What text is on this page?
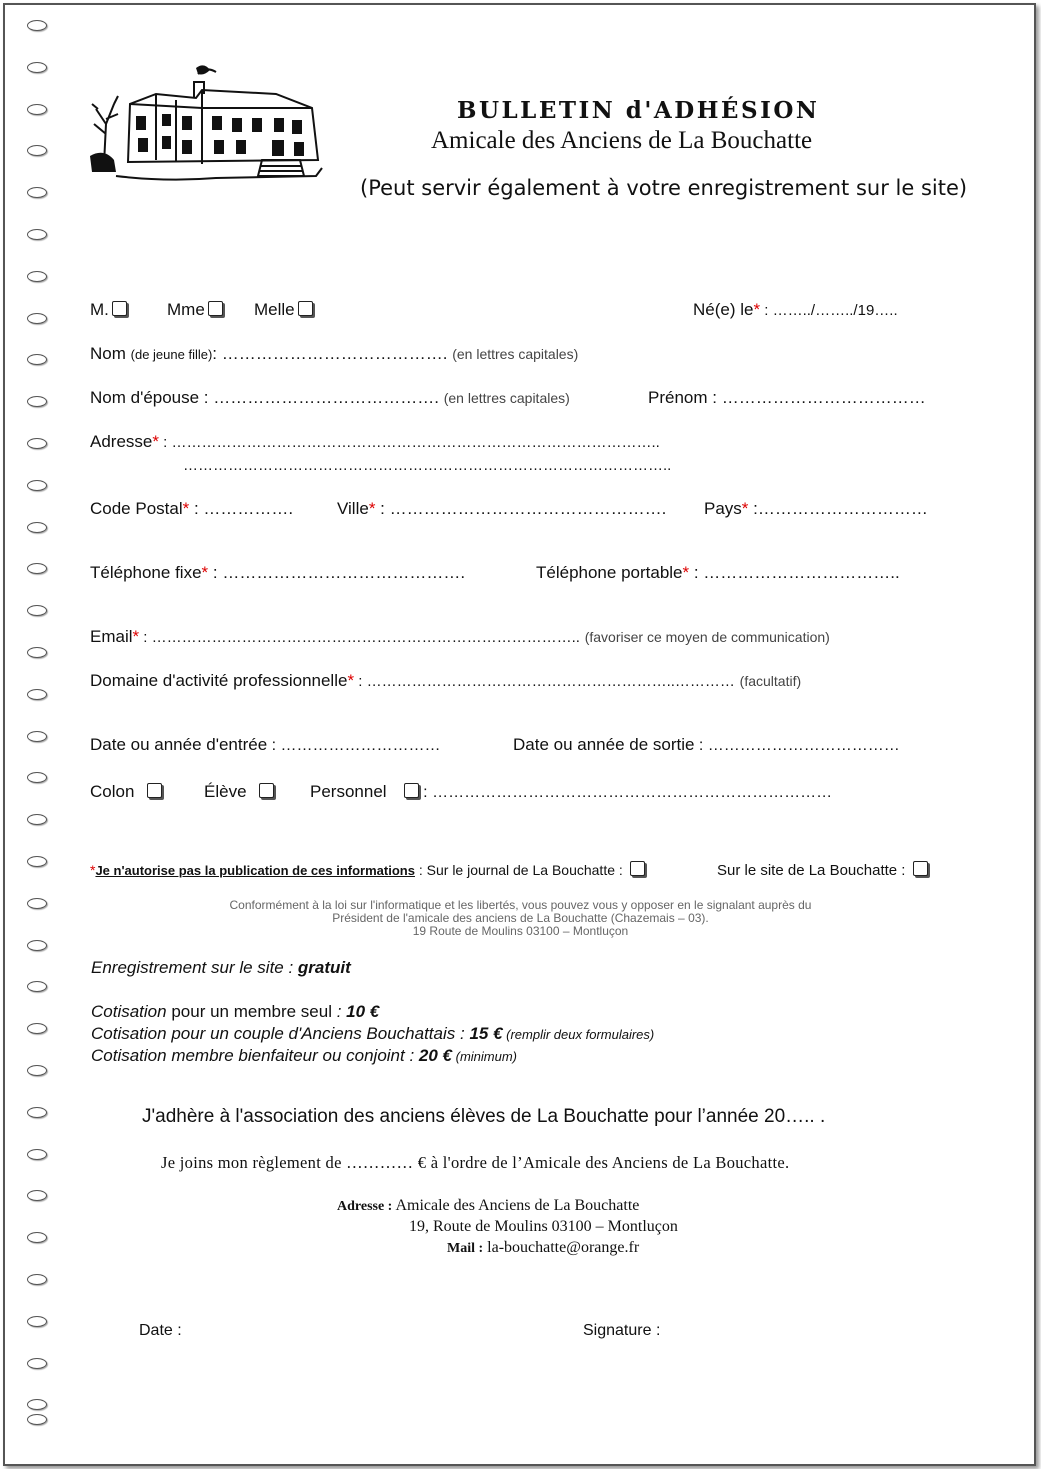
BULLETIN d'ADHÉSION
Amicale des Anciens de La Bouchatte
(Peut servir également à votre enregistrement sur le site)
M.	Mme	Melle	Né(e) le* : ……../……../19…..
Nom (de jeune fille): …………………………………. (en lettres capitales)
Nom d'épouse : …………………………………. (en lettres capitales)	Prénom : ………………………………
Adresse* : ……………………………………………………………………………………..
……………………………………………………………………………………..
Code Postal* : …………….	Ville* : …………………………………………. Pays* :…………………………
Téléphone fixe* : …………………………………….	Téléphone portable* : ……………………………..
Email* : ………………………………………………………………………….. (favoriser ce moyen de communication)
Domaine d'activité professionnelle* : ……………………………………………………..………… (facultatif)
Date ou année d'entrée : …………………………	Date ou année de sortie : ………………………………
Colon	Élève	Personnel    : …………………………………………………………………
*Je n'autorise pas la publication de ces informations : Sur le journal de La Bouchatte :	Sur le site de La Bouchatte :
Conformément à la loi sur l'informatique et les libertés, vous pouvez vous y opposer en le signalant auprès du
Président de l'amicale des anciens de La Bouchatte (Chazemais – 03).
19 Route de Moulins 03100 – Montluçon
Enregistrement sur le site : gratuit
Cotisation pour un membre seul : 10 €
Cotisation pour un couple d'Anciens Bouchattais : 15 € (remplir deux formulaires)
Cotisation membre bienfaiteur ou conjoint : 20 € (minimum)
J'adhère à l'association des anciens élèves de La Bouchatte pour l’année 20….. .
Je joins mon règlement de ………… € à l'ordre de l’Amicale des Anciens de La Bouchatte.
Adresse : Amicale des Anciens de La Bouchatte
19, Route de Moulins 03100 – Montluçon
Mail : la-bouchatte@orange.fr
Date :	Signature :
